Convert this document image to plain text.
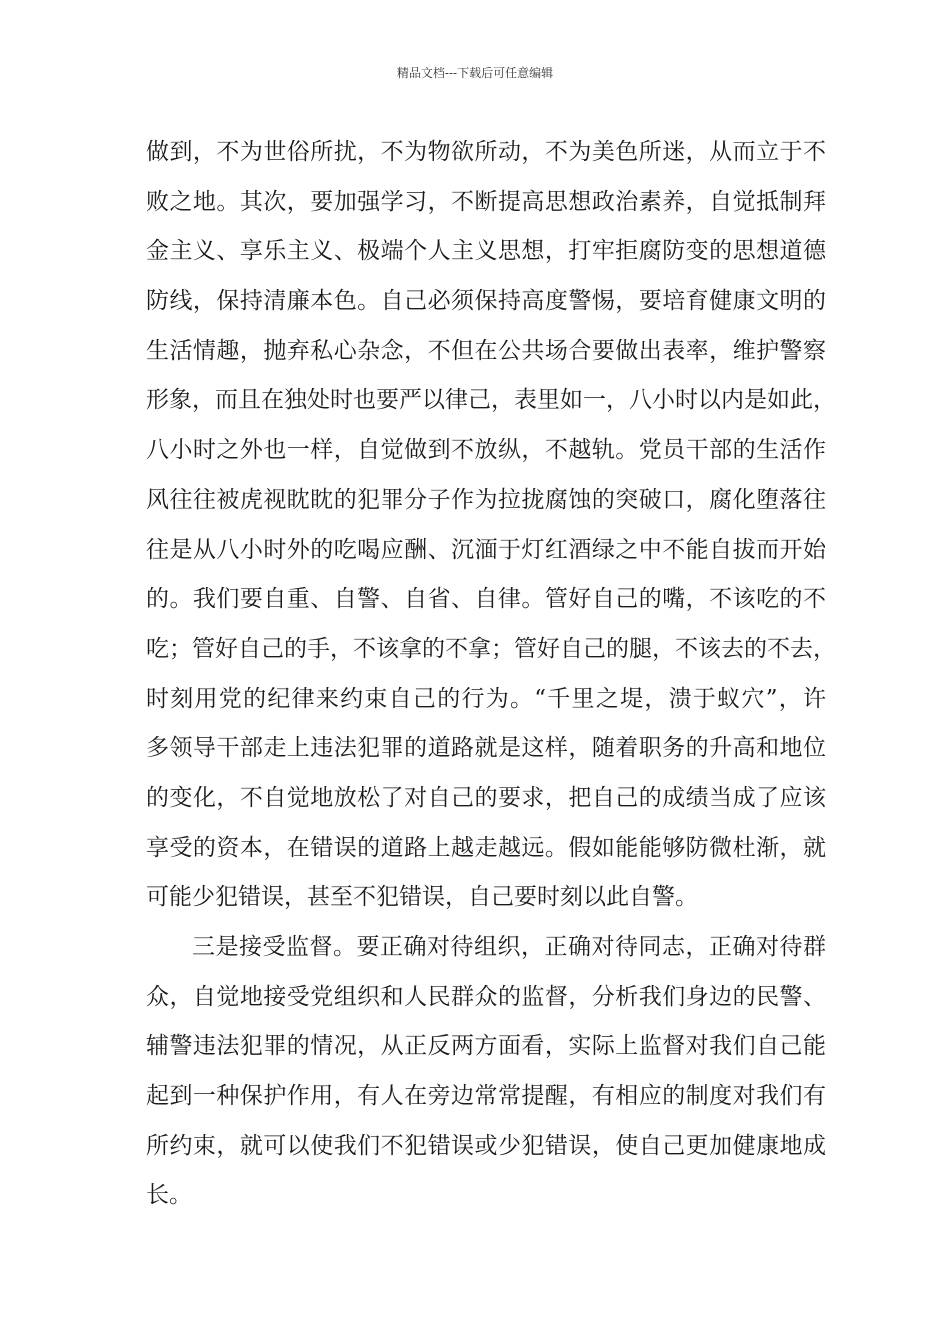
精品文档---下载后可任意编辑
做到，不为世俗所扰，不为物欲所动，不为美色所迷，从而立于不
败之地。其次，要加强学习，不断提高思想政治素养，自觉抵制拜
金主义、享乐主义、极端个人主义思想，打牢拒腐防变的思想道德
防线，保持清廉本色。自己必须保持高度警惕，要培育健康文明的
生活情趣，抛弃私心杂念，不但在公共场合要做出表率，维护警察
形象，而且在独处时也要严以律己，表里如一，八小时以内是如此，
八小时之外也一样，自觉做到不放纵，不越轨。党员干部的生活作
风往往被虎视眈眈的犯罪分子作为拉拢腐蚀的突破口，腐化堕落往
往是从八小时外的吃喝应酬、沉湎于灯红酒绿之中不能自拔而开始
的。我们要自重、自警、自省、自律。管好自己的嘴，不该吃的不
吃；管好自己的手，不该拿的不拿；管好自己的腿，不该去的不去，
时刻用党的纪律来约束自己的行为。“千里之堤，溃于蚁穴”，许
多领导干部走上违法犯罪的道路就是这样，随着职务的升高和地位
的变化，不自觉地放松了对自己的要求，把自己的成绩当成了应该
享受的资本，在错误的道路上越走越远。假如能能够防微杜渐，就
可能少犯错误，甚至不犯错误，自己要时刻以此自警。
三是接受监督。要正确对待组织，正确对待同志，正确对待群
众，自觉地接受党组织和人民群众的监督，分析我们身边的民警、
辅警违法犯罪的情况，从正反两方面看，实际上监督对我们自己能
起到一种保护作用，有人在旁边常常提醒，有相应的制度对我们有
所约束，就可以使我们不犯错误或少犯错误，使自己更加健康地成
长。
